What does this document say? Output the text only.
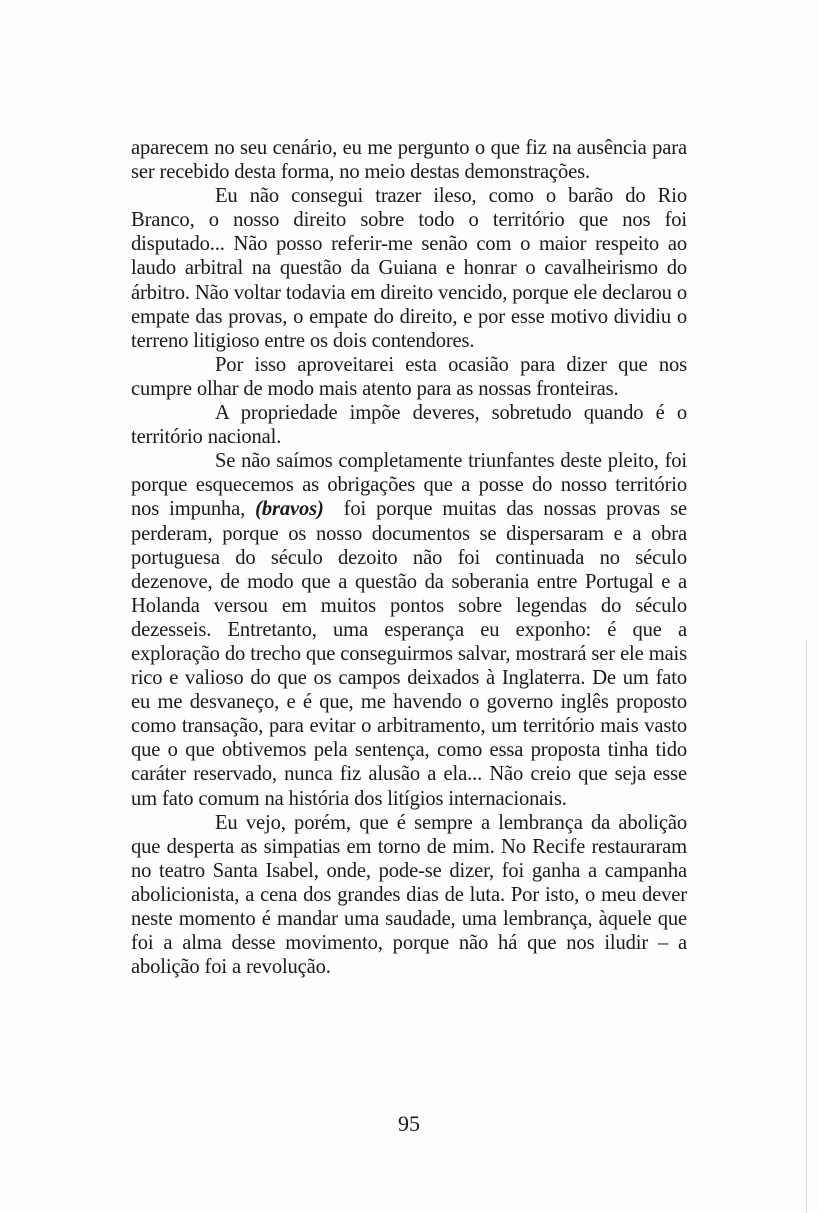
aparecem no seu cenário, eu me pergunto o que fiz na ausência para ser recebido desta forma, no meio destas demonstrações.

Eu não consegui trazer ileso, como o barão do Rio Branco, o nosso direito sobre todo o território que nos foi disputado... Não posso referir-me senão com o maior respeito ao laudo arbitral na questão da Guiana e honrar o cavalheirismo do árbitro. Não voltar todavia em direito vencido, porque ele declarou o empate das provas, o empate do direito, e por esse motivo dividiu o terreno litigioso entre os dois contendores.

Por isso aproveitarei esta ocasião para dizer que nos cumpre olhar de modo mais atento para as nossas fronteiras.

A propriedade impõe deveres, sobretudo quando é o território nacional.

Se não saímos completamente triunfantes deste pleito, foi porque esquecemos as obrigações que a posse do nosso território nos impunha, (bravos) foi porque muitas das nossas provas se perderam, porque os nosso documentos se dispersaram e a obra portuguesa do século dezoito não foi continuada no século dezenove, de modo que a questão da soberania entre Portugal e a Holanda versou em muitos pontos sobre legendas do século dezesseis. Entretanto, uma esperança eu exponho: é que a exploração do trecho que conseguirmos salvar, mostrará ser ele mais rico e valioso do que os campos deixados à Inglaterra. De um fato eu me desvaneço, e é que, me havendo o governo inglês proposto como transação, para evitar o arbitramento, um território mais vasto que o que obtivemos pela sentença, como essa proposta tinha tido caráter reservado, nunca fiz alusão a ela... Não creio que seja esse um fato comum na história dos litígios internacionais.

Eu vejo, porém, que é sempre a lembrança da abolição que desperta as simpatias em torno de mim. No Recife restauraram no teatro Santa Isabel, onde, pode-se dizer, foi ganha a campanha abolicionista, a cena dos grandes dias de luta. Por isto, o meu dever neste momento é mandar uma saudade, uma lembrança, àquele que foi a alma desse movimento, porque não há que nos iludir – a abolição foi a revolução.

95
